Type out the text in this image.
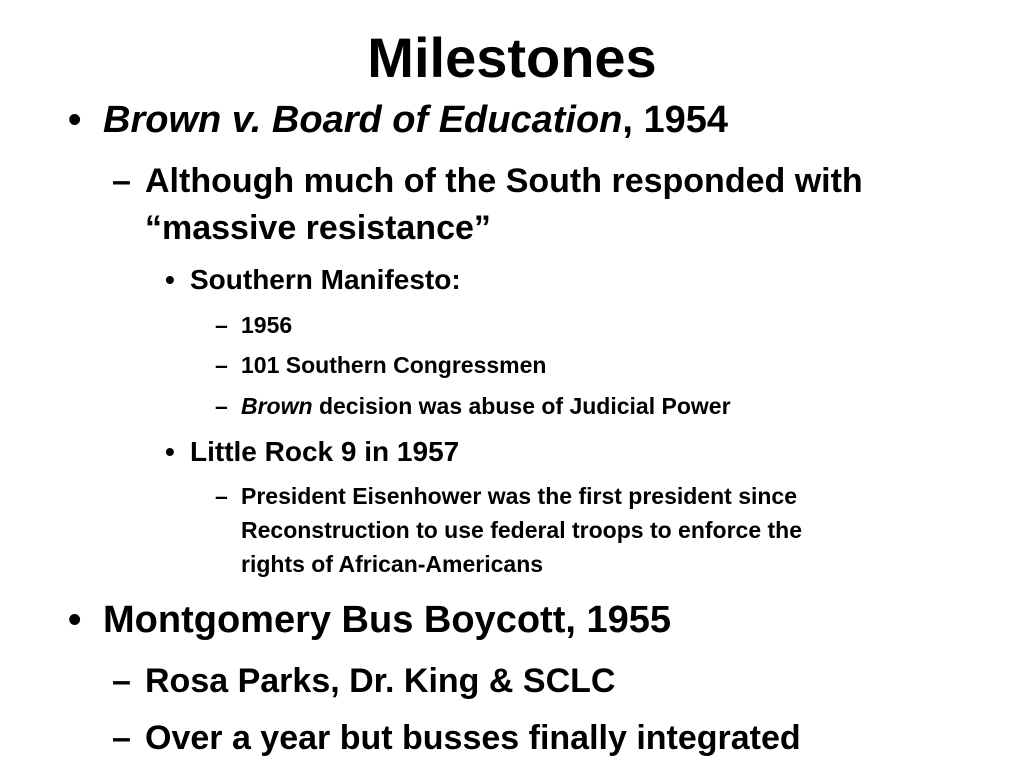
Milestones
• Brown v. Board of Education, 1954
– Although much of the South responded with
“massive resistance”
• Southern Manifesto:
– 1956
– 101 Southern Congressmen
– Brown decision was abuse of Judicial Power
• Little Rock 9 in 1957
– President Eisenhower was the first president since
Reconstruction to use federal troops to enforce the
rights of African-Americans
• Montgomery Bus Boycott, 1955
– Rosa Parks, Dr. King & SCLC
– Over a year but busses finally integrated
